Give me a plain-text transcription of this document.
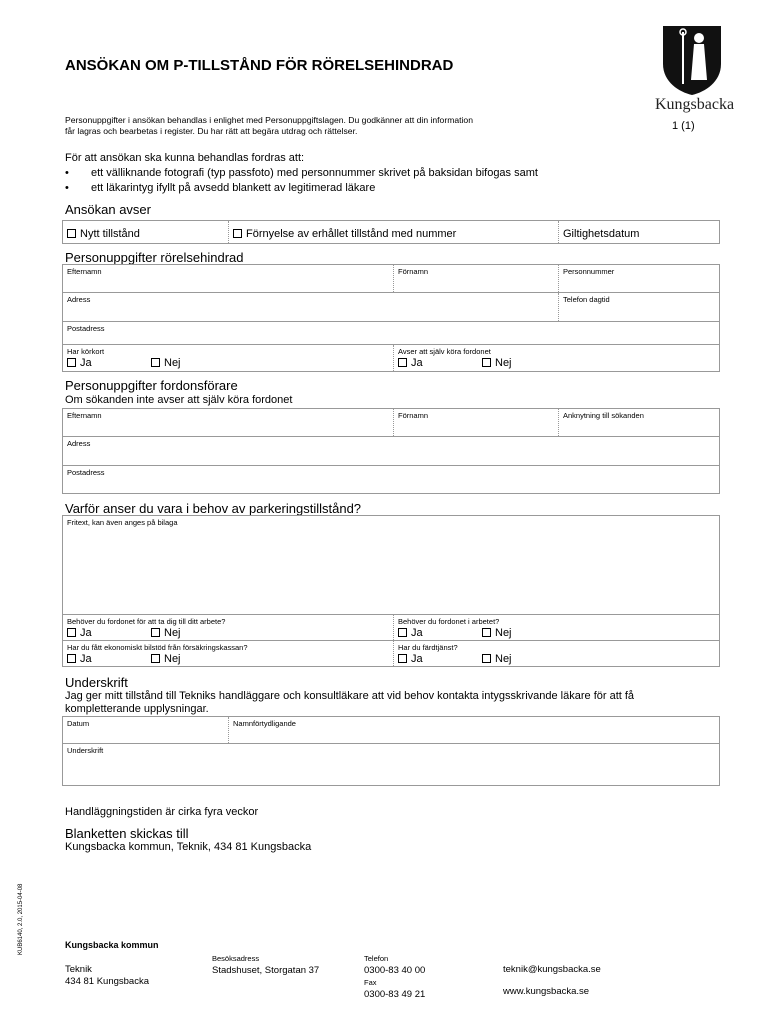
ANSÖKAN OM P-TILLSTÅND FÖR RÖRELSEHINDRAD
Personuppgifter i ansökan behandlas i enlighet med Personuppgiftslagen. Du godkänner att din information
får lagras och bearbetas i register. Du har rätt att begära utdrag och rättelser.	1 (1)
Kungsbacka
För att ansökan ska kunna behandlas fordras att:
• ett välliknande fotografi (typ passfoto) med personnummer skrivet på baksidan bifogas samt
• ett läkarintyg ifyllt på avsedd blankett av legitimerad läkare
Ansökan avser
Nytt tillstånd	Förnyelse av erhållet tillstånd med nummer	Giltighetsdatum
Personuppgifter rörelsehindrad
Efternamn	Förnamn	Personnummer
Adress	Telefon dagtid
Postadress
Har körkort
Ja	Nej
Avser att själv köra fordonet
Ja	Nej
Personuppgifter fordonsförare
Om sökanden inte avser att själv köra fordonet
Efternamn	Förnamn	Anknytning till sökanden
Adress
Postadress
Varför anser du vara i behov av parkeringstillstånd?
Fritext, kan även anges på bilaga
Behöver du fordonet för att ta dig till ditt arbete?
Ja	Nej
Behöver du fordonet i arbetet?
Ja	Nej
Har du fått ekonomiskt bilstöd från försäkringskassan?
Ja	Nej
Har du färdtjänst?
Ja	Nej
Underskrift
Jag ger mitt tillstånd till Tekniks handläggare och konsultläkare att vid behov kontakta intygsskrivande läkare för att få
kompletterande upplysningar.
Datum	Namnförtydligande
Underskrift
Handläggningstiden är cirka fyra veckor
Blanketten skickas till
Kungsbacka kommun, Teknik, 434 81 Kungsbacka
KUB6140, 2.0, 2015-04-08	Kungsbacka kommun
Teknik
434 81 Kungsbacka
Besöksadress
Stadshuset, Storgatan 37
Telefon
0300-83 40 00
Fax
0300-83 49 21
teknik@kungsbacka.se
www.kungsbacka.se
